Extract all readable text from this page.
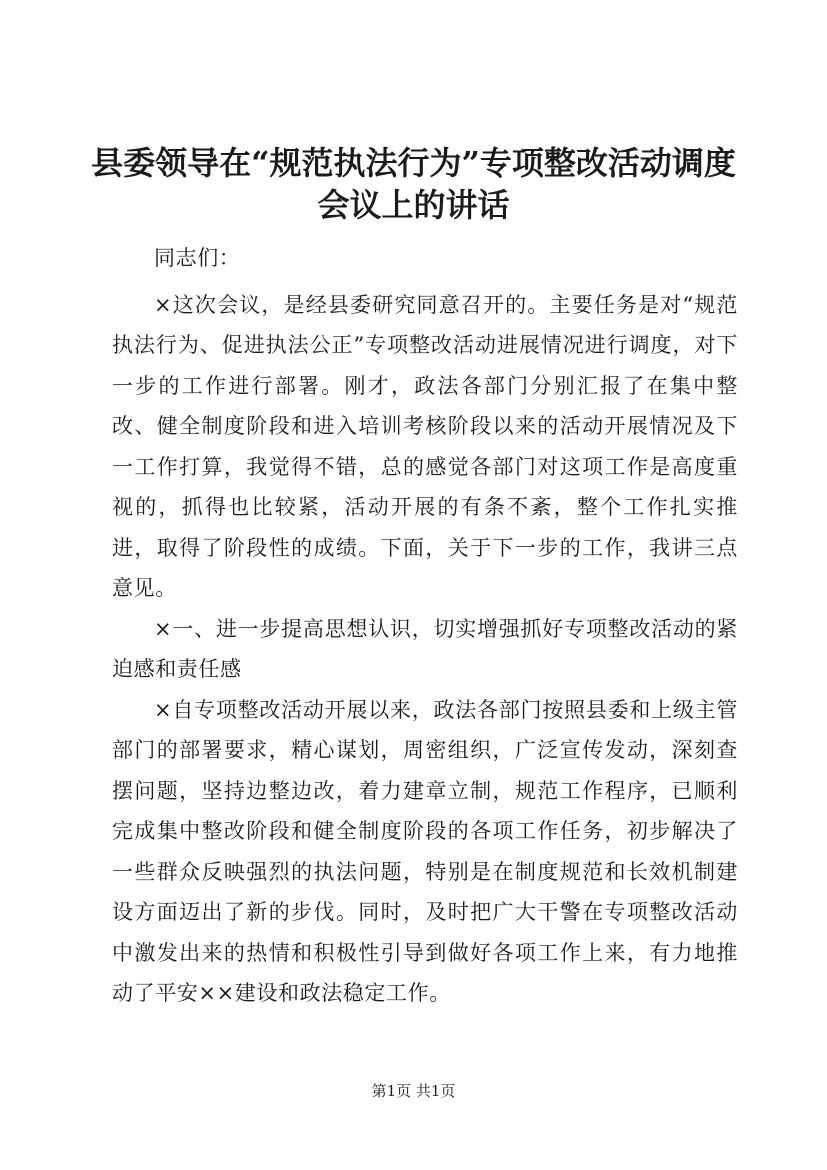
县委领导在“规范执法行为”专项整改活动调度会议上的讲话

同志们：

×这次会议，是经县委研究同意召开的。主要任务是对“规范执法行为、促进执法公正”专项整改活动进展情况进行调度，对下一步的工作进行部署。刚才，政法各部门分别汇报了在集中整改、健全制度阶段和进入培训考核阶段以来的活动开展情况及下一工作打算，我觉得不错，总的感觉各部门对这项工作是高度重视的，抓得也比较紧，活动开展的有条不紊，整个工作扎实推进，取得了阶段性的成绩。下面，关于下一步的工作，我讲三点意见。

×一、进一步提高思想认识，切实增强抓好专项整改活动的紧迫感和责任感

×自专项整改活动开展以来，政法各部门按照县委和上级主管部门的部署要求，精心谋划，周密组织，广泛宣传发动，深刻查摆问题，坚持边整边改，着力建章立制，规范工作程序，已顺利完成集中整改阶段和健全制度阶段的各项工作任务，初步解决了一些群众反映强烈的执法问题，特别是在制度规范和长效机制建设方面迈出了新的步伐。同时，及时把广大干警在专项整改活动中激发出来的热情和积极性引导到做好各项工作上来，有力地推动了平安××建设和政法稳定工作。

第1页 共1页
